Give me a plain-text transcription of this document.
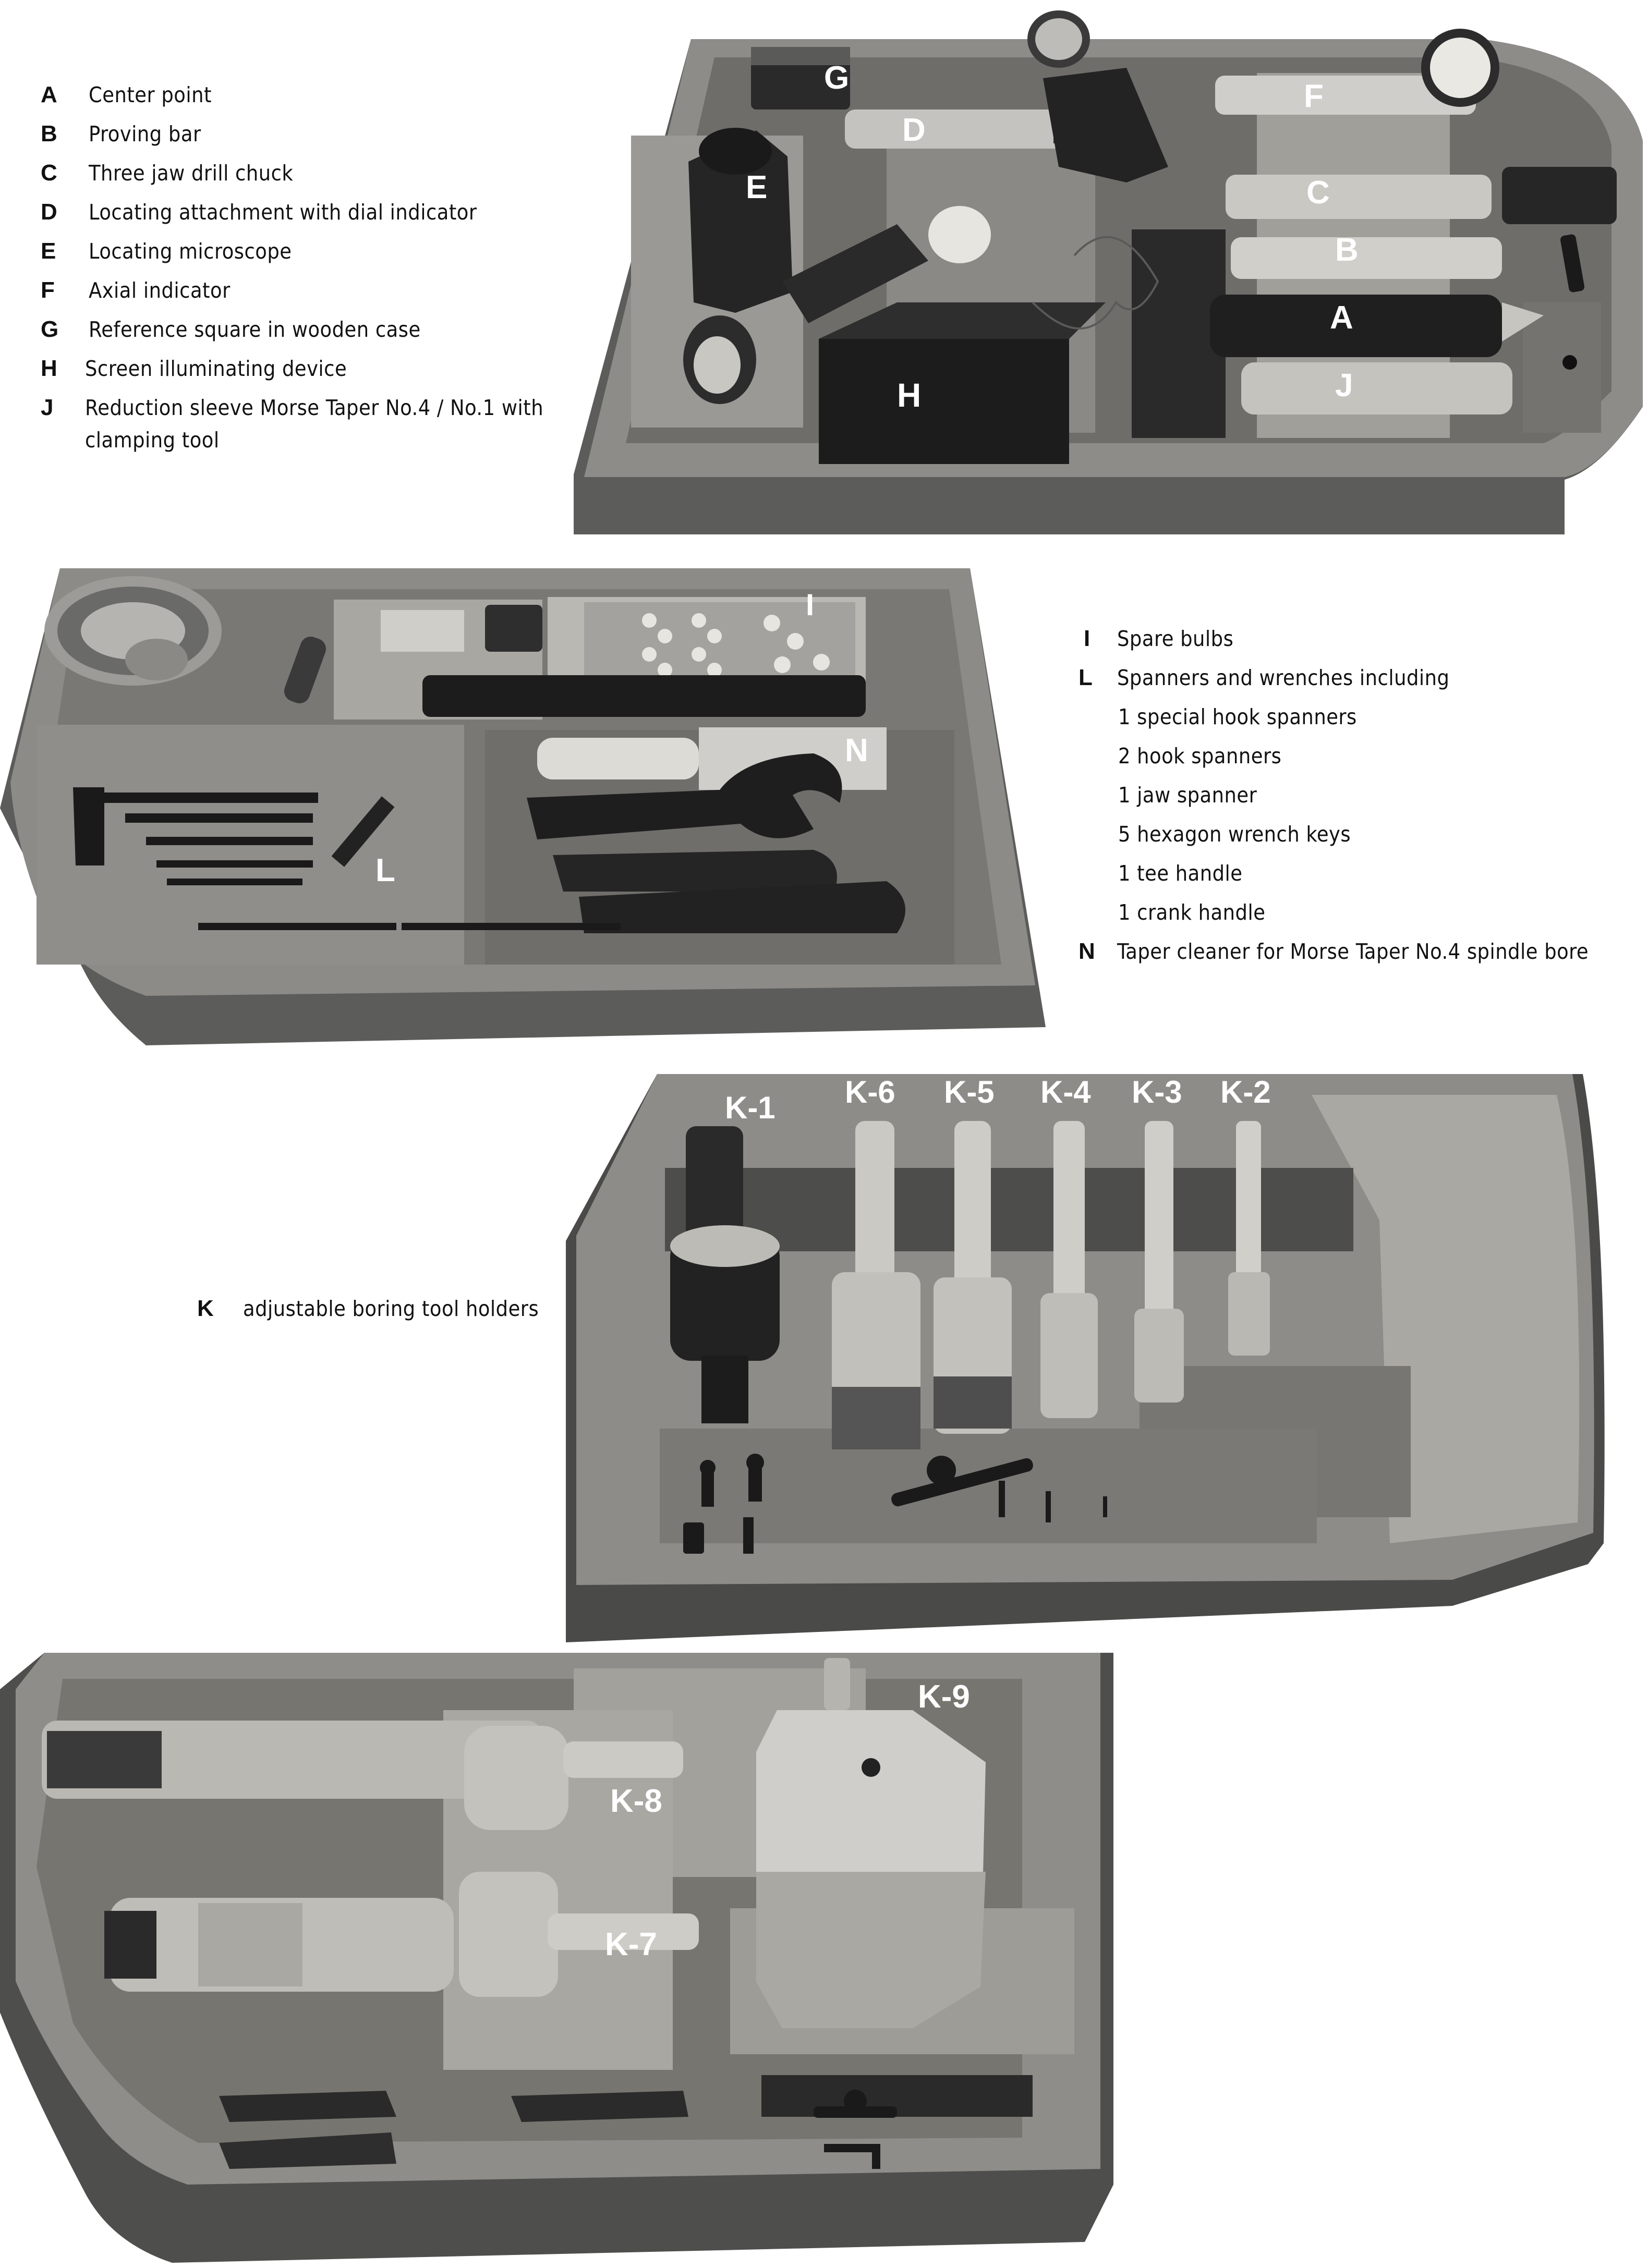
A Center point
B Proving bar
C Three jaw drill chuck
D Locating attachment with dial indicator
E Locating microscope
F Axial indicator
G Reference square in wooden case
H Screen illuminating device
J Reduction sleeve Morse Taper No.4 / No.1 with
clamping tool
I Spare bulbs
L Spanners and wrenches including
1 special hook spanners
2 hook spanners
1 jaw spanner
5 hexagon wrench keys
1 tee handle
1 crank handle
N Taper cleaner for Morse Taper No.4 spindle bore
K adjustable boring tool holders
G
D
F
E	C
B
A
H	J
I
N
L
K-1 K-6 K-5 K-4 K-3 K-2
K-9
K-8
K-7
